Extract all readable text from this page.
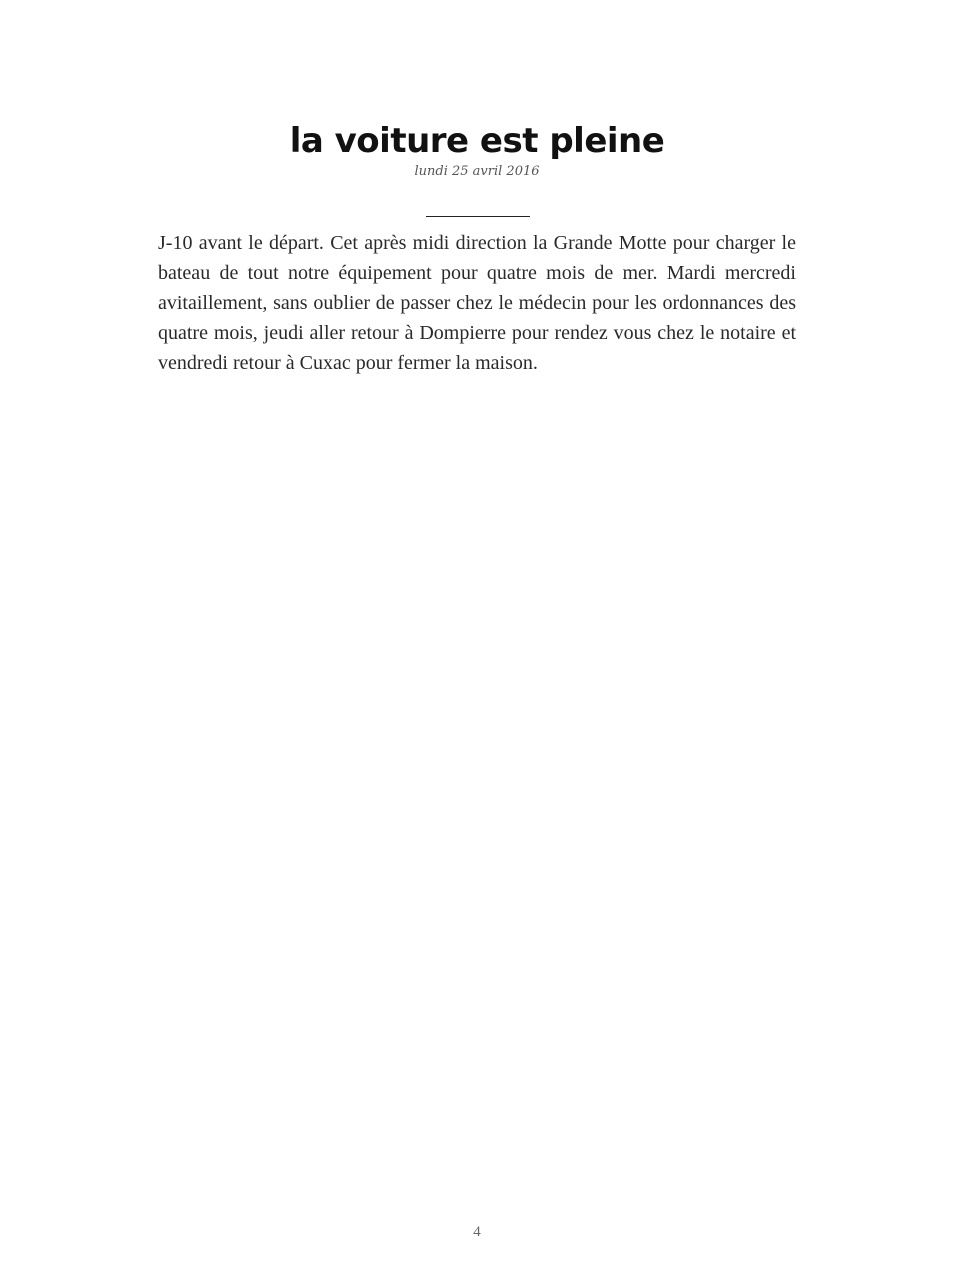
la voiture est pleine
lundi 25 avril 2016

J-10 avant le départ. Cet après midi direction la Grande Motte pour charger le bateau de tout notre équipement pour quatre mois de mer. Mardi mercredi avitaillement, sans oublier de passer chez le médecin pour les ordonnances des quatre mois, jeudi aller retour à Dompierre pour rendez vous chez le notaire et vendredi retour à Cuxac pour fermer la maison.

4
